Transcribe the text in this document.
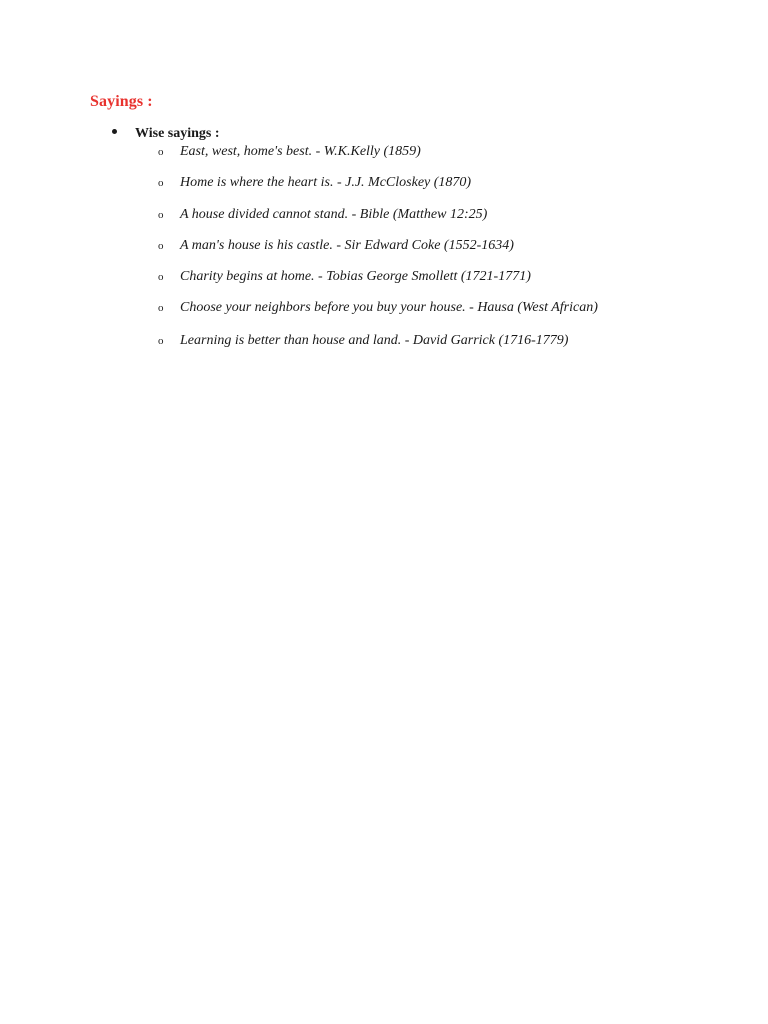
Sayings :
Wise sayings :
o	East, west, home's best. - W.K.Kelly (1859)
o	Home is where the heart is. - J.J. McCloskey (1870)
o	A house divided cannot stand. - Bible (Matthew 12:25)
o	A man's house is his castle. - Sir Edward Coke (1552-1634)
o	Charity begins at home. - Tobias George Smollett (1721-1771)
o	Choose your neighbors before you buy your house. - Hausa (West African)
o	Learning is better than house and land. - David Garrick (1716-1779)
